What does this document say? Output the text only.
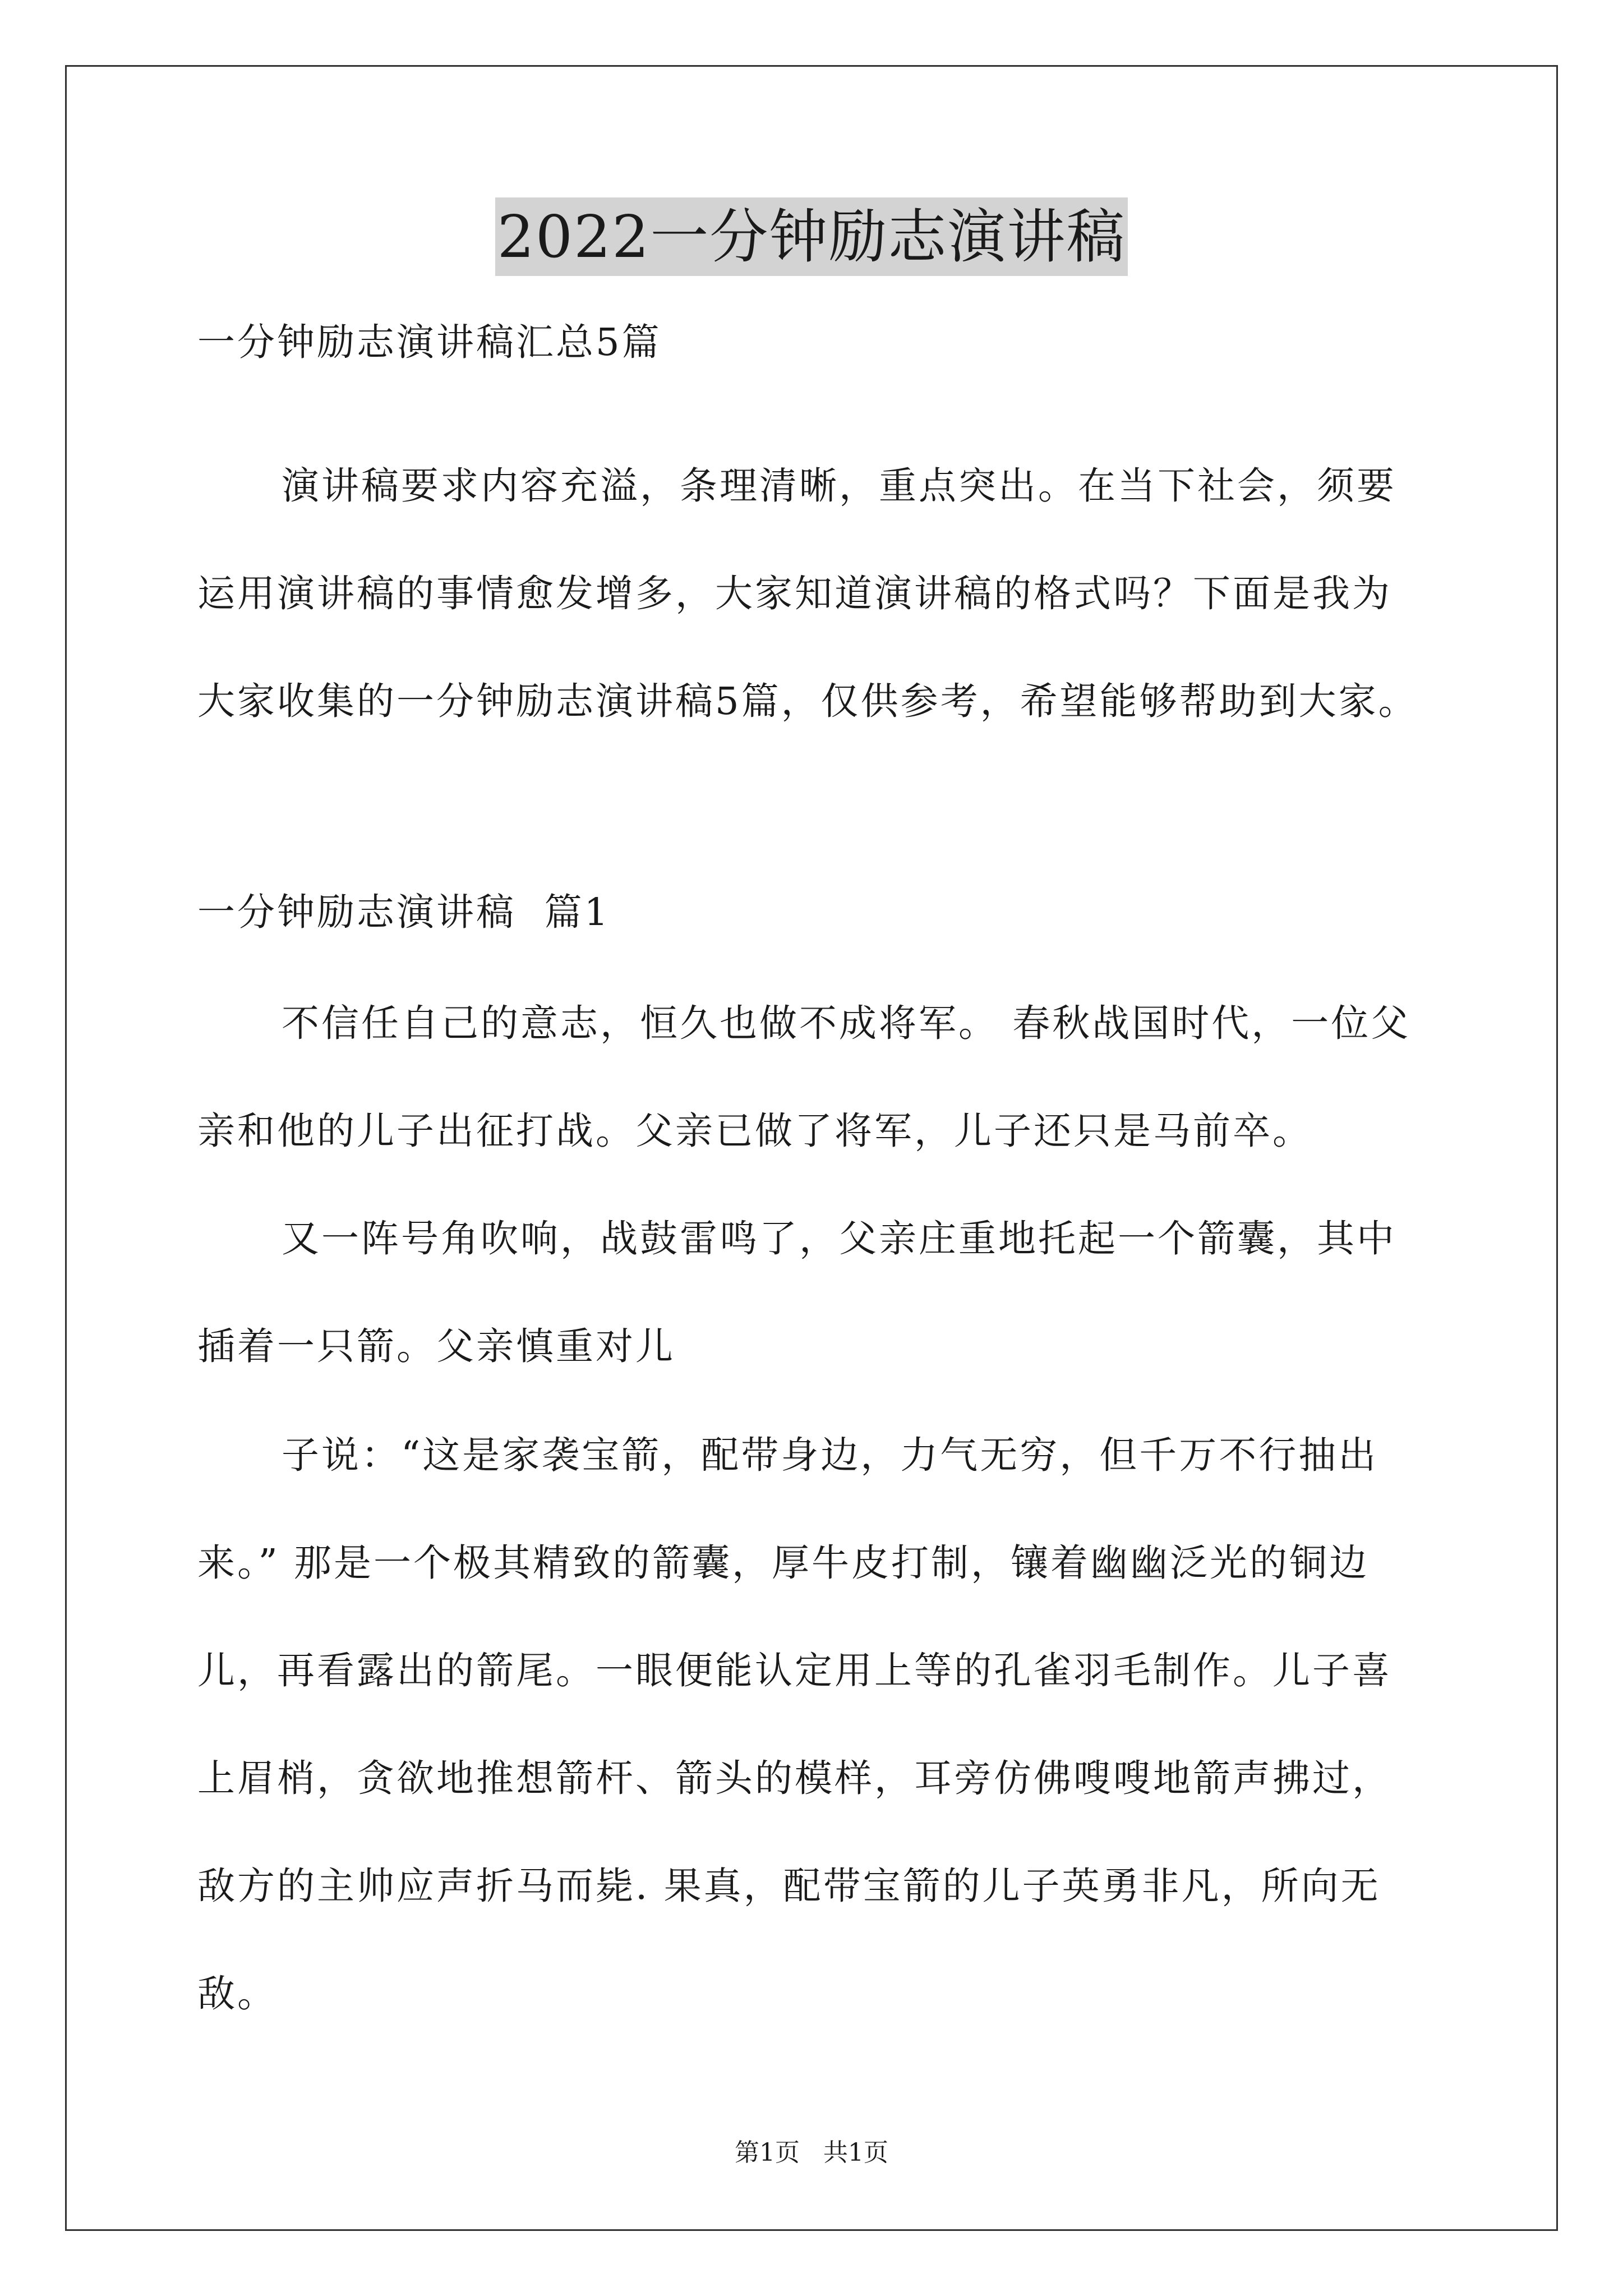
2022一分钟励志演讲稿
一分钟励志演讲稿汇总5篇
演讲稿要求内容充溢，条理清晰，重点突出。在当下社会，须要
运用演讲稿的事情愈发增多，大家知道演讲稿的格式吗？下面是我为
大家收集的一分钟励志演讲稿5篇，仅供参考，希望能够帮助到大家。
一分钟励志演讲稿  篇1
不信任自己的意志，恒久也做不成将军。 春秋战国时代，一位父
亲和他的儿子出征打战。父亲已做了将军，儿子还只是马前卒。
又一阵号角吹响，战鼓雷鸣了，父亲庄重地托起一个箭囊，其中
插着一只箭。父亲慎重对儿
子说：“这是家袭宝箭，配带身边，力气无穷，但千万不行抽出
来。” 那是一个极其精致的箭囊，厚牛皮打制，镶着幽幽泛光的铜边
儿，再看露出的箭尾。一眼便能认定用上等的孔雀羽毛制作。儿子喜
上眉梢，贪欲地推想箭杆、箭头的模样，耳旁仿佛嗖嗖地箭声拂过，
敌方的主帅应声折马而毙. 果真，配带宝箭的儿子英勇非凡，所向无
敌。
第1页 共1页
